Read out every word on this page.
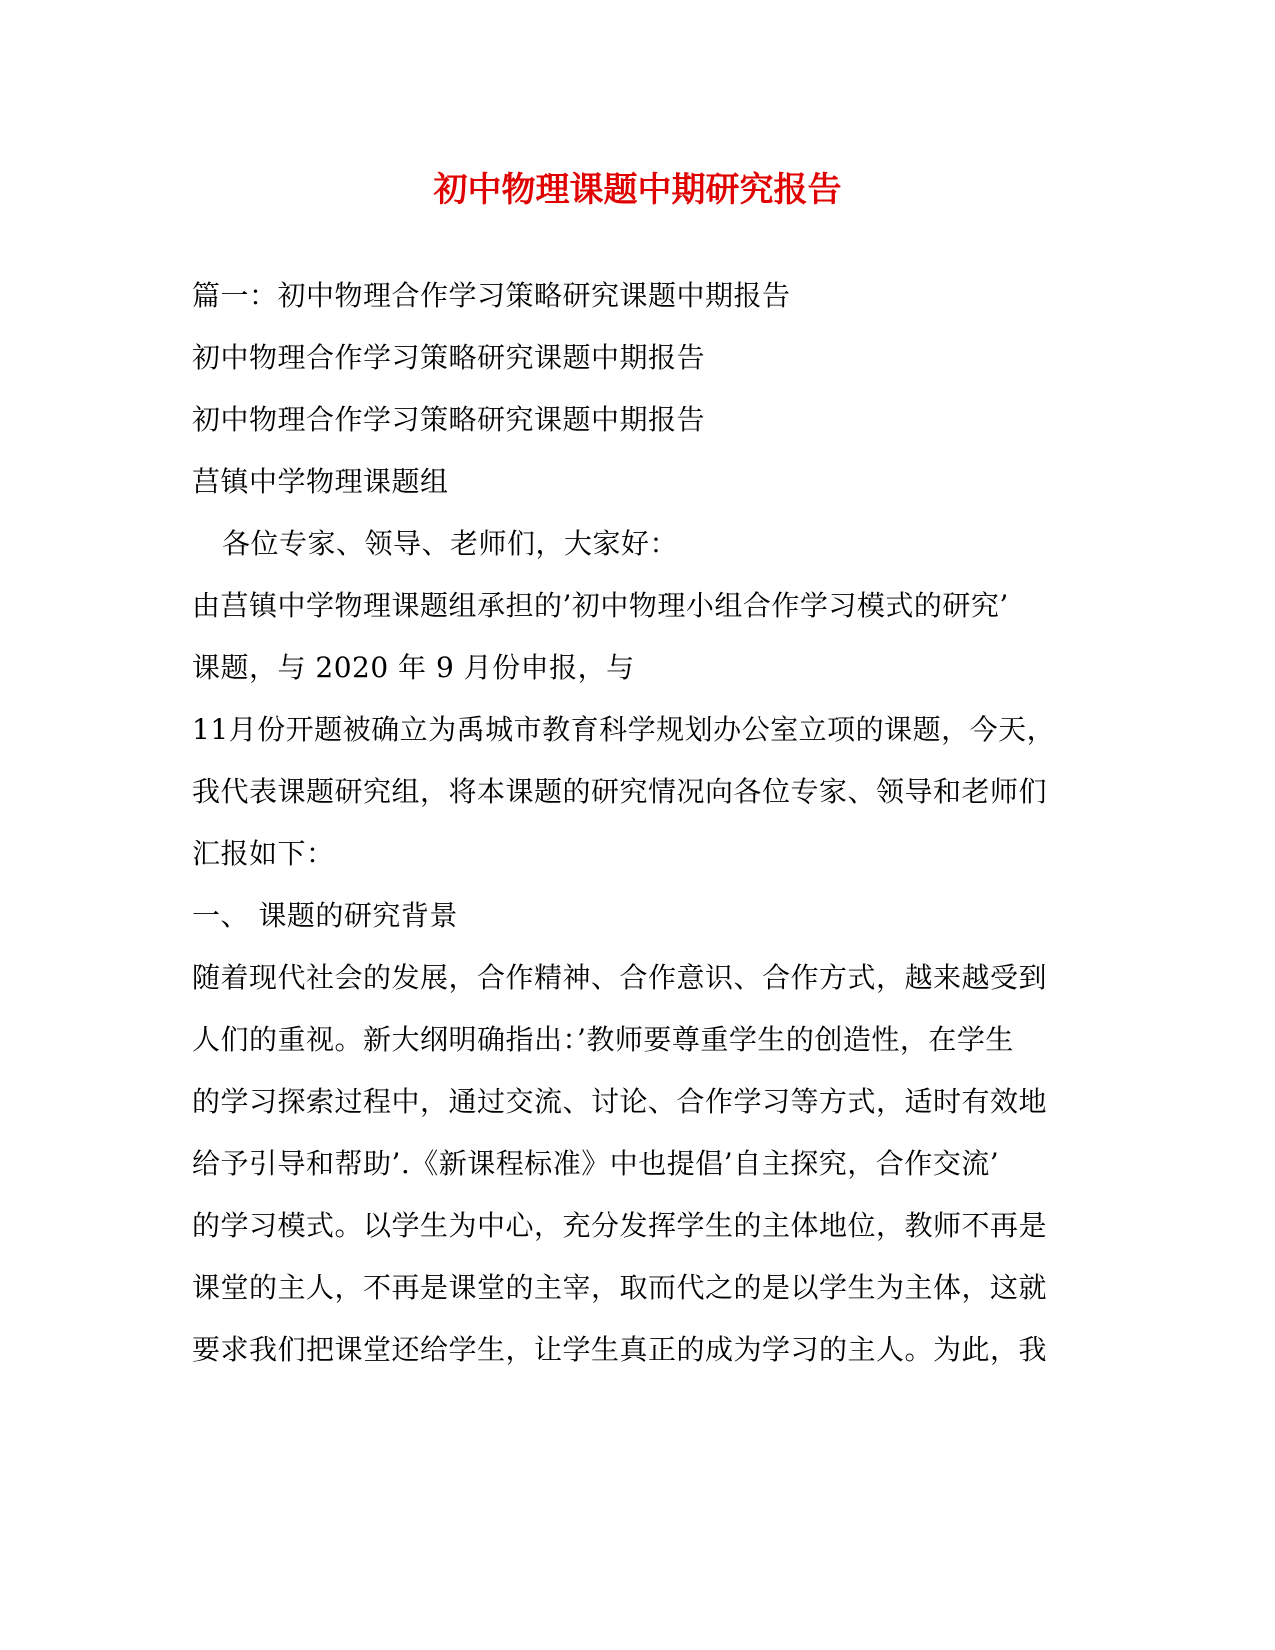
初中物理课题中期研究报告
篇一：初中物理合作学习策略研究课题中期报告
初中物理合作学习策略研究课题中期报告
初中物理合作学习策略研究课题中期报告
莒镇中学物理课题组
各位专家、领导、老师们，大家好：
由莒镇中学物理课题组承担的’初中物理小组合作学习模式的研究’
课题，与 2020 年 9 月份申报，与
11月份开题被确立为禹城市教育科学规划办公室立项的课题，今天，
我代表课题研究组，将本课题的研究情况向各位专家、领导和老师们
汇报如下：
一、 课题的研究背景
随着现代社会的发展，合作精神、合作意识、合作方式，越来越受到
人们的重视。新大纲明确指出：’教师要尊重学生的创造性，在学生
的学习探索过程中，通过交流、讨论、合作学习等方式，适时有效地
给予引导和帮助’.《新课程标准》中也提倡’自主探究，合作交流’
的学习模式。以学生为中心，充分发挥学生的主体地位，教师不再是
课堂的主人，不再是课堂的主宰，取而代之的是以学生为主体，这就
要求我们把课堂还给学生，让学生真正的成为学习的主人。为此，我
